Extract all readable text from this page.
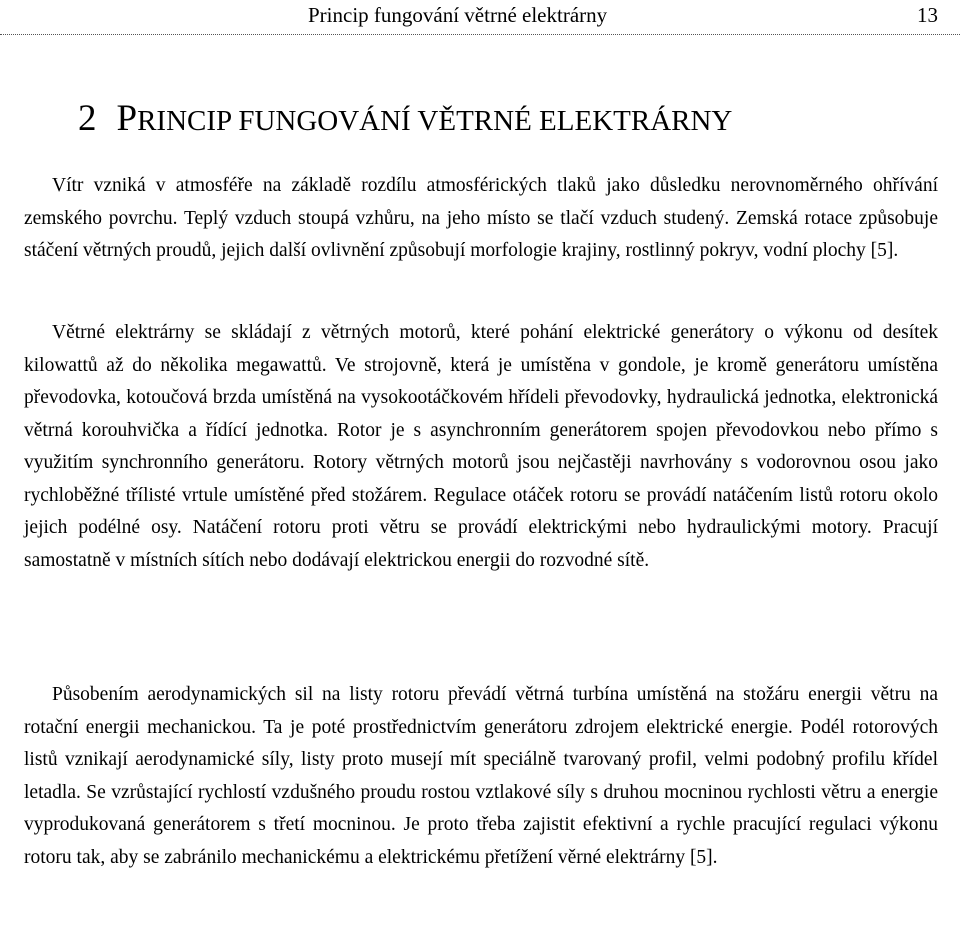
Princip fungování větrné elektrárny	13
2 PRINCIP FUNGOVÁNÍ VĚTRNÉ ELEKTRÁRNY

Vítr vzniká v atmosféře na základě rozdílu atmosférických tlaků jako důsledku nerovnoměrného ohřívání zemského povrchu. Teplý vzduch stoupá vzhůru, na jeho místo se tlačí vzduch studený. Zemská rotace způsobuje stáčení větrných proudů, jejich další ovlivnění způsobují morfologie krajiny, rostlinný pokryv, vodní plochy [5].

Větrné elektrárny se skládají z větrných motorů, které pohání elektrické generátory o výkonu od desítek kilowattů až do několika megawattů. Ve strojovně, která je umístěna v gondole, je kromě generátoru umístěna převodovka, kotoučová brzda umístěná na vysokootáčkovém hřídeli převodovky, hydraulická jednotka, elektronická větrná korouhvička a řídící jednotka. Rotor je s asynchronním generátorem spojen převodovkou nebo přímo s využitím synchronního generátoru. Rotory větrných motorů jsou nejčastěji navrhovány s vodorovnou osou jako rychloběžné třílisté vrtule umístěné před stožárem. Regulace otáček rotoru se provádí natáčením listů rotoru okolo jejich podélné osy. Natáčení rotoru proti větru se provádí elektrickými nebo hydraulickými motory. Pracují samostatně v místních sítích nebo dodávají elektrickou energii do rozvodné sítě.

Působením aerodynamických sil na listy rotoru převádí větrná turbína umístěná na stožáru energii větru na rotační energii mechanickou. Ta je poté prostřednictvím generátoru zdrojem elektrické energie. Podél rotorových listů vznikají aerodynamické síly, listy proto musejí mít speciálně tvarovaný profil, velmi podobný profilu křídel letadla. Se vzrůstající rychlostí vzdušného proudu rostou vztlakové síly s druhou mocninou rychlosti větru a energie vyprodukovaná generátorem s třetí mocninou. Je proto třeba zajistit efektivní a rychle pracující regulaci výkonu rotoru tak, aby se zabránilo mechanickému a elektrickému přetížení věrné elektrárny [5].
